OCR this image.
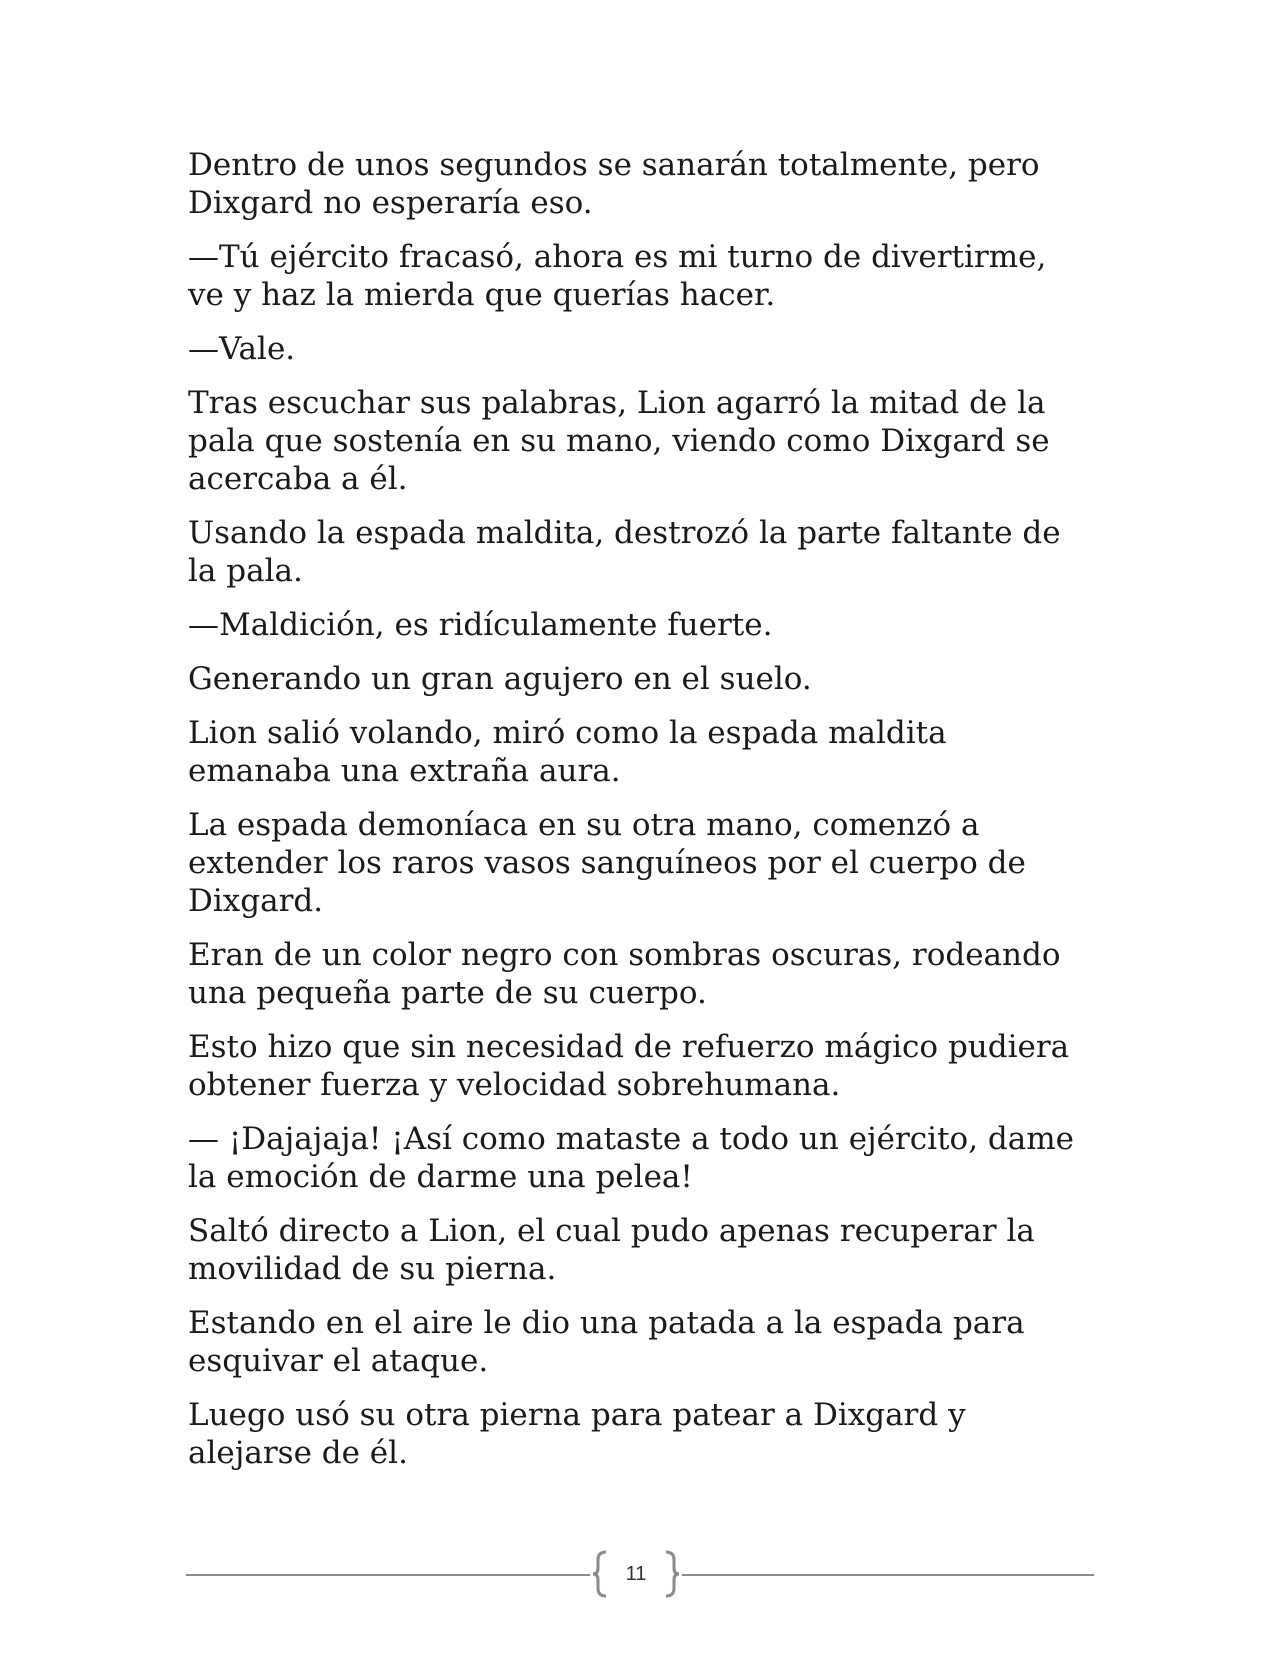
Dentro de unos segundos se sanarán totalmente, pero Dixgard no esperaría eso.

—Tú ejército fracasó, ahora es mi turno de divertirme, ve y haz la mierda que querías hacer.

—Vale.

Tras escuchar sus palabras, Lion agarró la mitad de la pala que sostenía en su mano, viendo como Dixgard se acercaba a él.

Usando la espada maldita, destrozó la parte faltante de la pala.

—Maldición, es ridículamente fuerte.

Generando un gran agujero en el suelo.

Lion salió volando, miró como la espada maldita emanaba una extraña aura.

La espada demoníaca en su otra mano, comenzó a extender los raros vasos sanguíneos por el cuerpo de Dixgard.

Eran de un color negro con sombras oscuras, rodeando una pequeña parte de su cuerpo.

Esto hizo que sin necesidad de refuerzo mágico pudiera obtener fuerza y velocidad sobrehumana.

— ¡Dajajaja! ¡Así como mataste a todo un ejército, dame la emoción de darme una pelea!

Saltó directo a Lion, el cual pudo apenas recuperar la movilidad de su pierna.

Estando en el aire le dio una patada a la espada para esquivar el ataque.

Luego usó su otra pierna para patear a Dixgard y alejarse de él.

11
